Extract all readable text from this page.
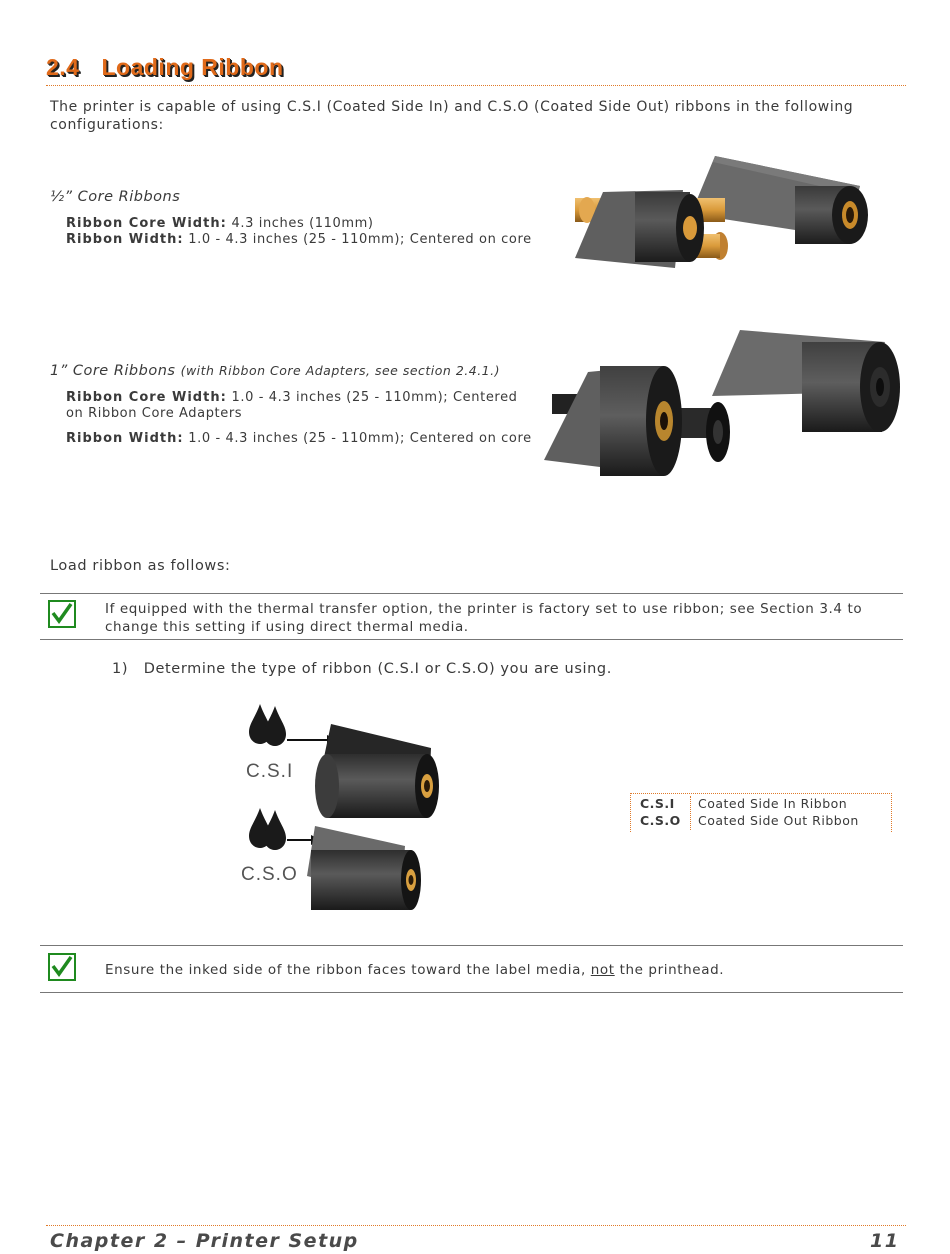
2.4 Loading Ribbon
The printer is capable of using C.S.I (Coated Side In) and C.S.O (Coated Side Out) ribbons in the following configurations:
½” Core Ribbons
Ribbon Core Width: 4.3 inches (110mm)
Ribbon Width: 1.0 - 4.3 inches (25 - 110mm); Centered on core
1” Core Ribbons (with Ribbon Core Adapters, see section 2.4.1.)
Ribbon Core Width: 1.0 - 4.3 inches (25 - 110mm); Centered
on Ribbon Core Adapters
Ribbon Width: 1.0 - 4.3 inches (25 - 110mm); Centered on core
Load ribbon as follows:
If equipped with the thermal transfer option, the printer is factory set to use ribbon; see Section 3.4 to
change this setting if using direct thermal media.
1) Determine the type of ribbon (C.S.I or C.S.O) you are using.
C.S.I
C.S.O
C.S.I Coated Side In Ribbon
C.S.O Coated Side Out Ribbon
Ensure the inked side of the ribbon faces toward the label media, not the printhead.
Chapter 2 – Printer Setup	11
